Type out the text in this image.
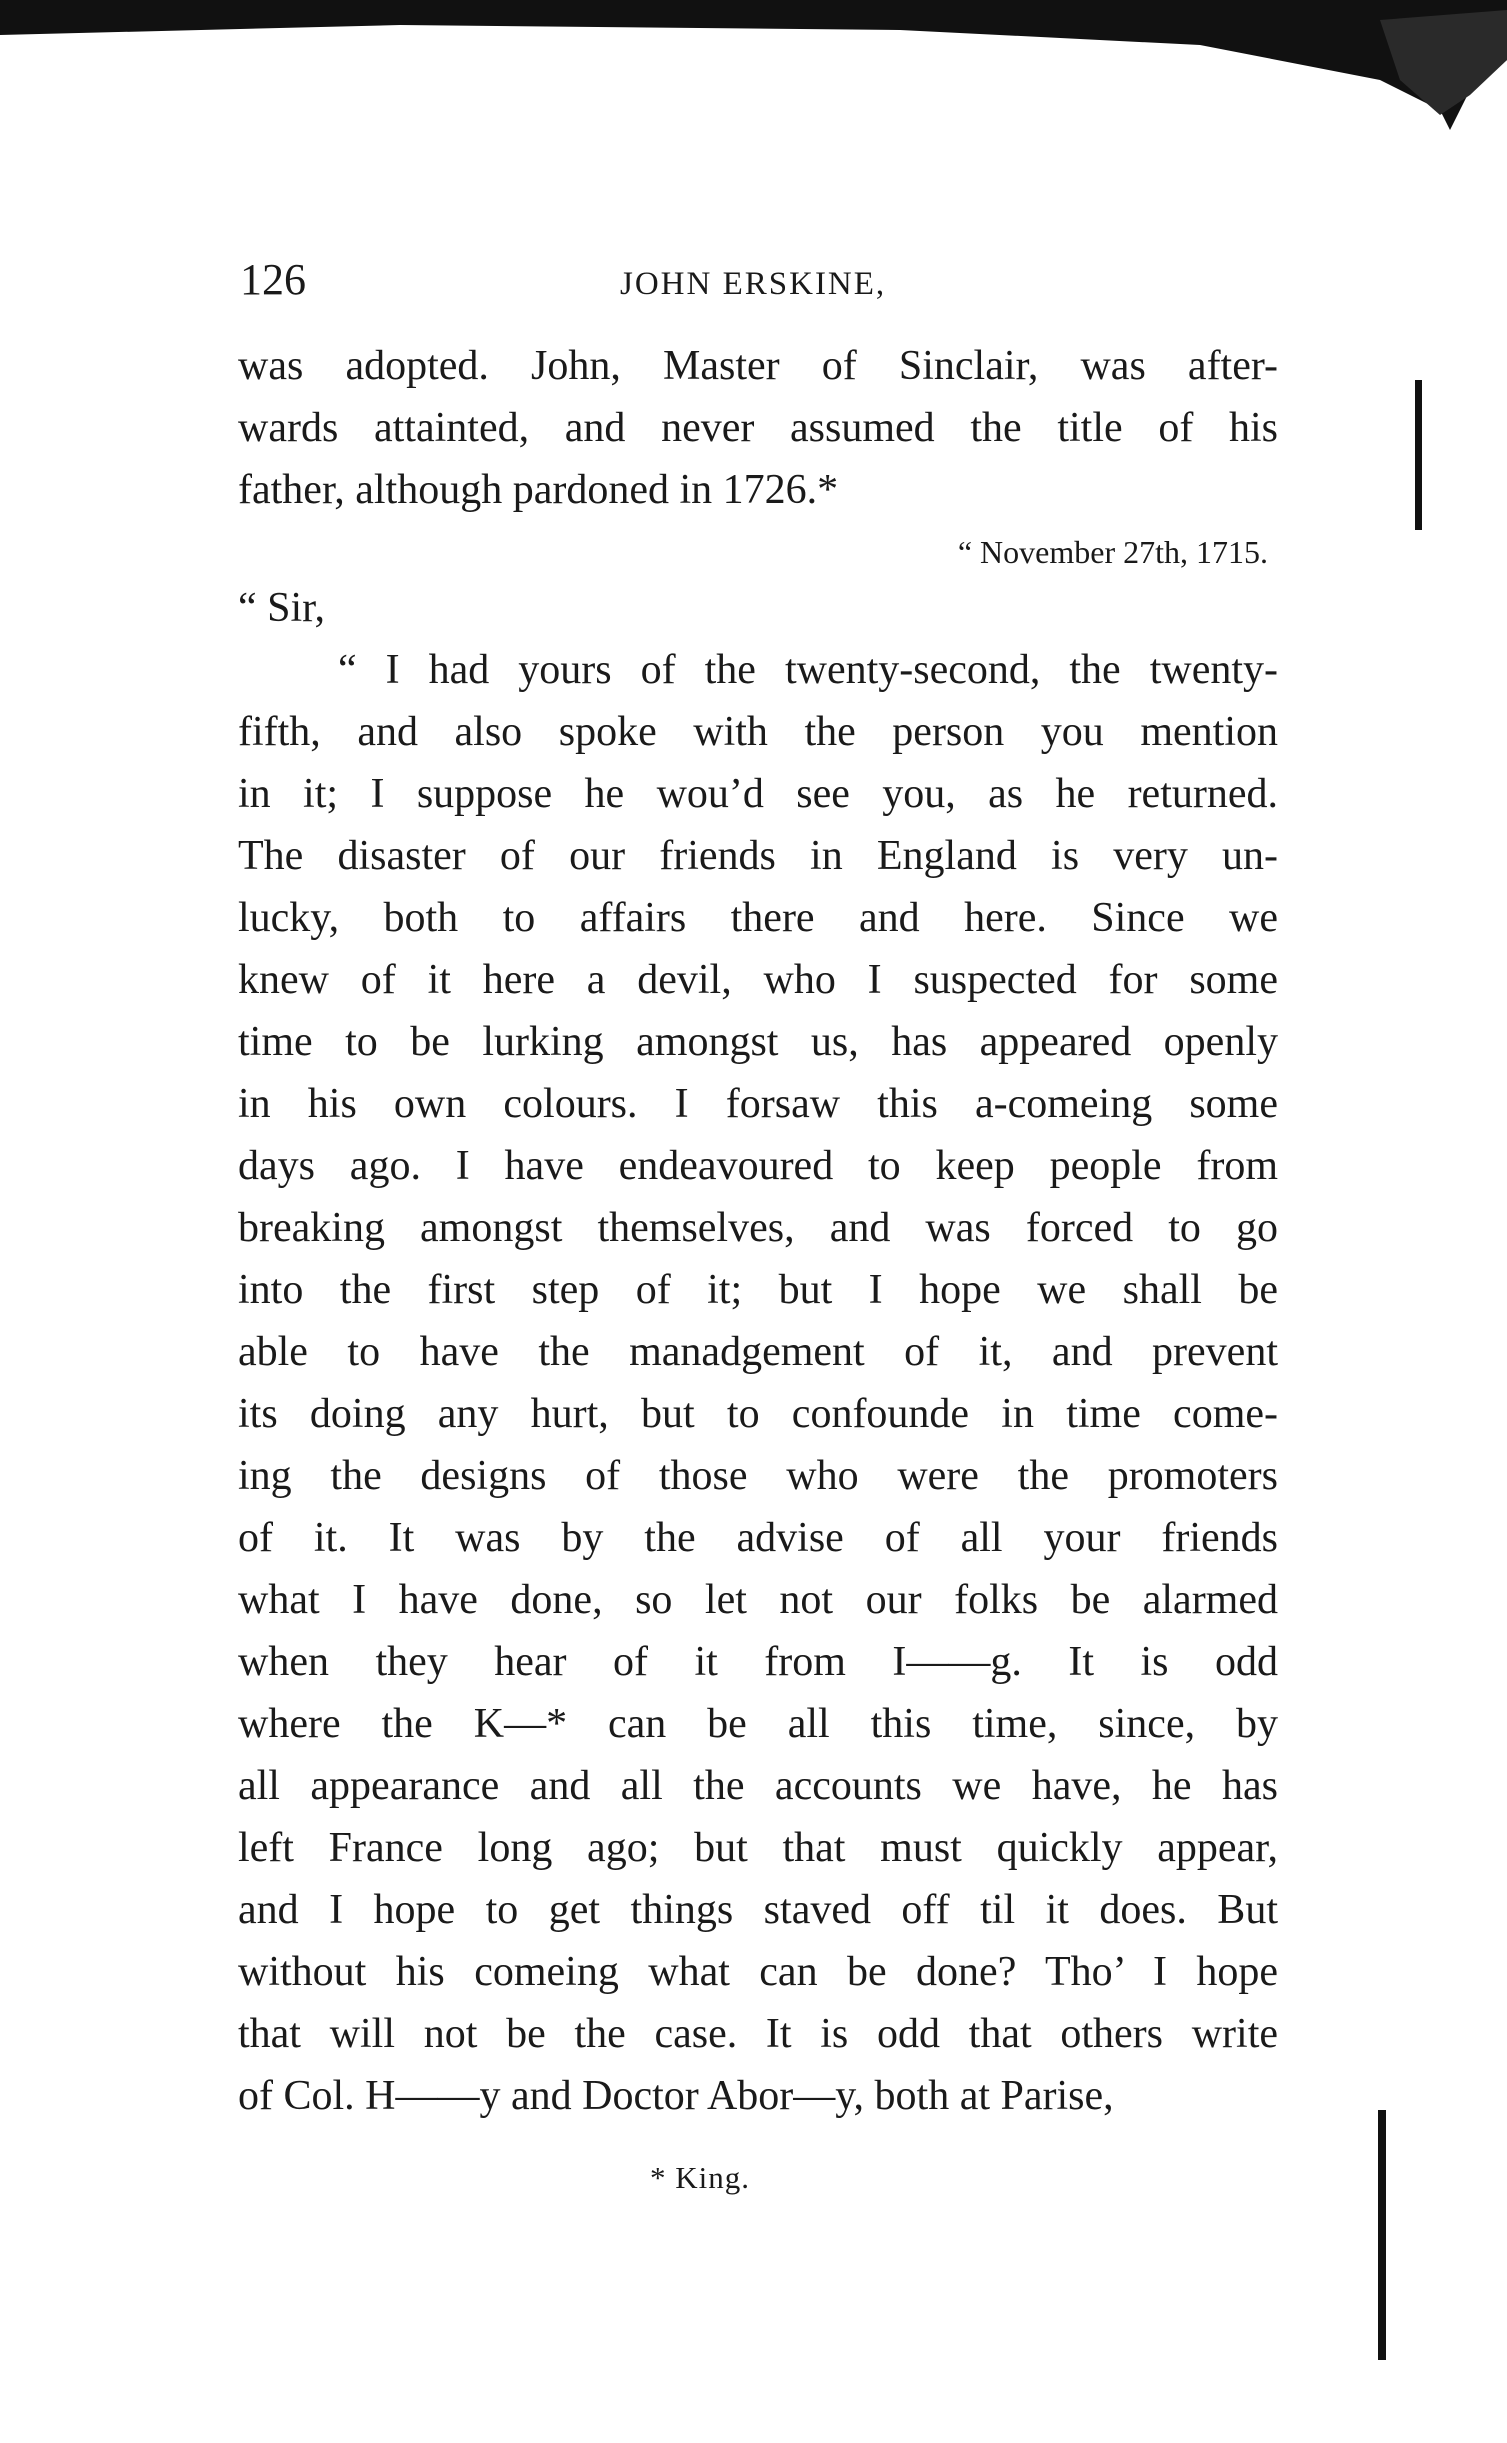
126	JOHN ERSKINE,
was adopted. John, Master of Sinclair, was after-
wards attainted, and never assumed the title of his
father, although pardoned in 1726.*
“ November 27th, 1715.
“ Sir,
“ I had yours of the twenty-second, the twenty-
fifth, and also spoke with the person you mention
in it; I suppose he wou’d see you, as he returned.
The disaster of our friends in England is very un-
lucky, both to affairs there and here. Since we
knew of it here a devil, who I suspected for some
time to be lurking amongst us, has appeared openly
in his own colours. I forsaw this a-comeing some
days ago. I have endeavoured to keep people from
breaking amongst themselves, and was forced to go
into the first step of it; but I hope we shall be
able to have the manadgement of it, and prevent
its doing any hurt, but to confounde in time come-
ing the designs of those who were the promoters
of it. It was by the advise of all your friends
what I have done, so let not our folks be alarmed
when they hear of it from I——g. It is odd
where the K—* can be all this time, since, by
all appearance and all the accounts we have, he has
left France long ago; but that must quickly appear,
and I hope to get things staved off til it does. But
without his comeing what can be done? Tho’ I hope
that will not be the case. It is odd that others write
of Col. H——y and Doctor Abor—y, both at Parise,
* King.
